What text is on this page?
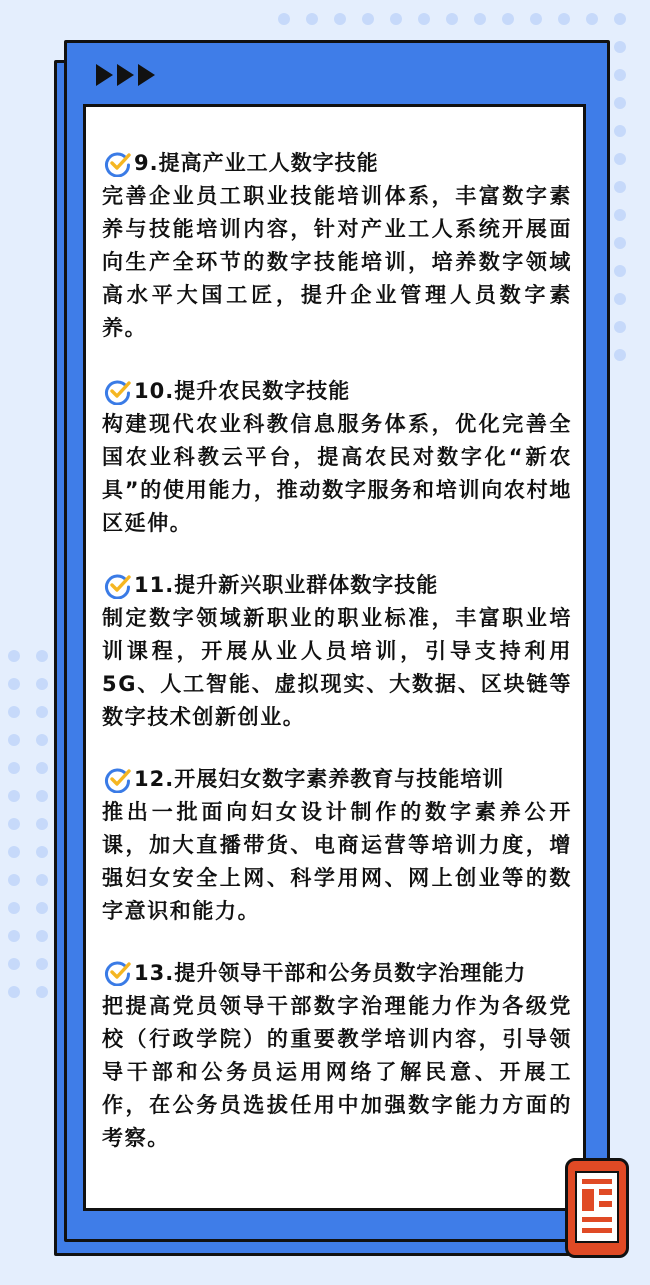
9.提高产业工人数字技能

完善企业员工职业技能培训体系，丰富数字素养与技能培训内容，针对产业工人系统开展面向生产全环节的数字技能培训，培养数字领域高水平大国工匠，提升企业管理人员数字素养。

10.提升农民数字技能

构建现代农业科教信息服务体系，优化完善全国农业科教云平台，提高农民对数字化“新农具”的使用能力，推动数字服务和培训向农村地区延伸。

11.提升新兴职业群体数字技能

制定数字领域新职业的职业标准，丰富职业培训课程，开展从业人员培训，引导支持利用5G、人工智能、虚拟现实、大数据、区块链等数字技术创新创业。

12.开展妇女数字素养教育与技能培训

推出一批面向妇女设计制作的数字素养公开课，加大直播带货、电商运营等培训力度，增强妇女安全上网、科学用网、网上创业等的数字意识和能力。

13.提升领导干部和公务员数字治理能力

把提高党员领导干部数字治理能力作为各级党校（行政学院）的重要教学培训内容，引导领导干部和公务员运用网络了解民意、开展工作，在公务员选拔任用中加强数字能力方面的考察。
